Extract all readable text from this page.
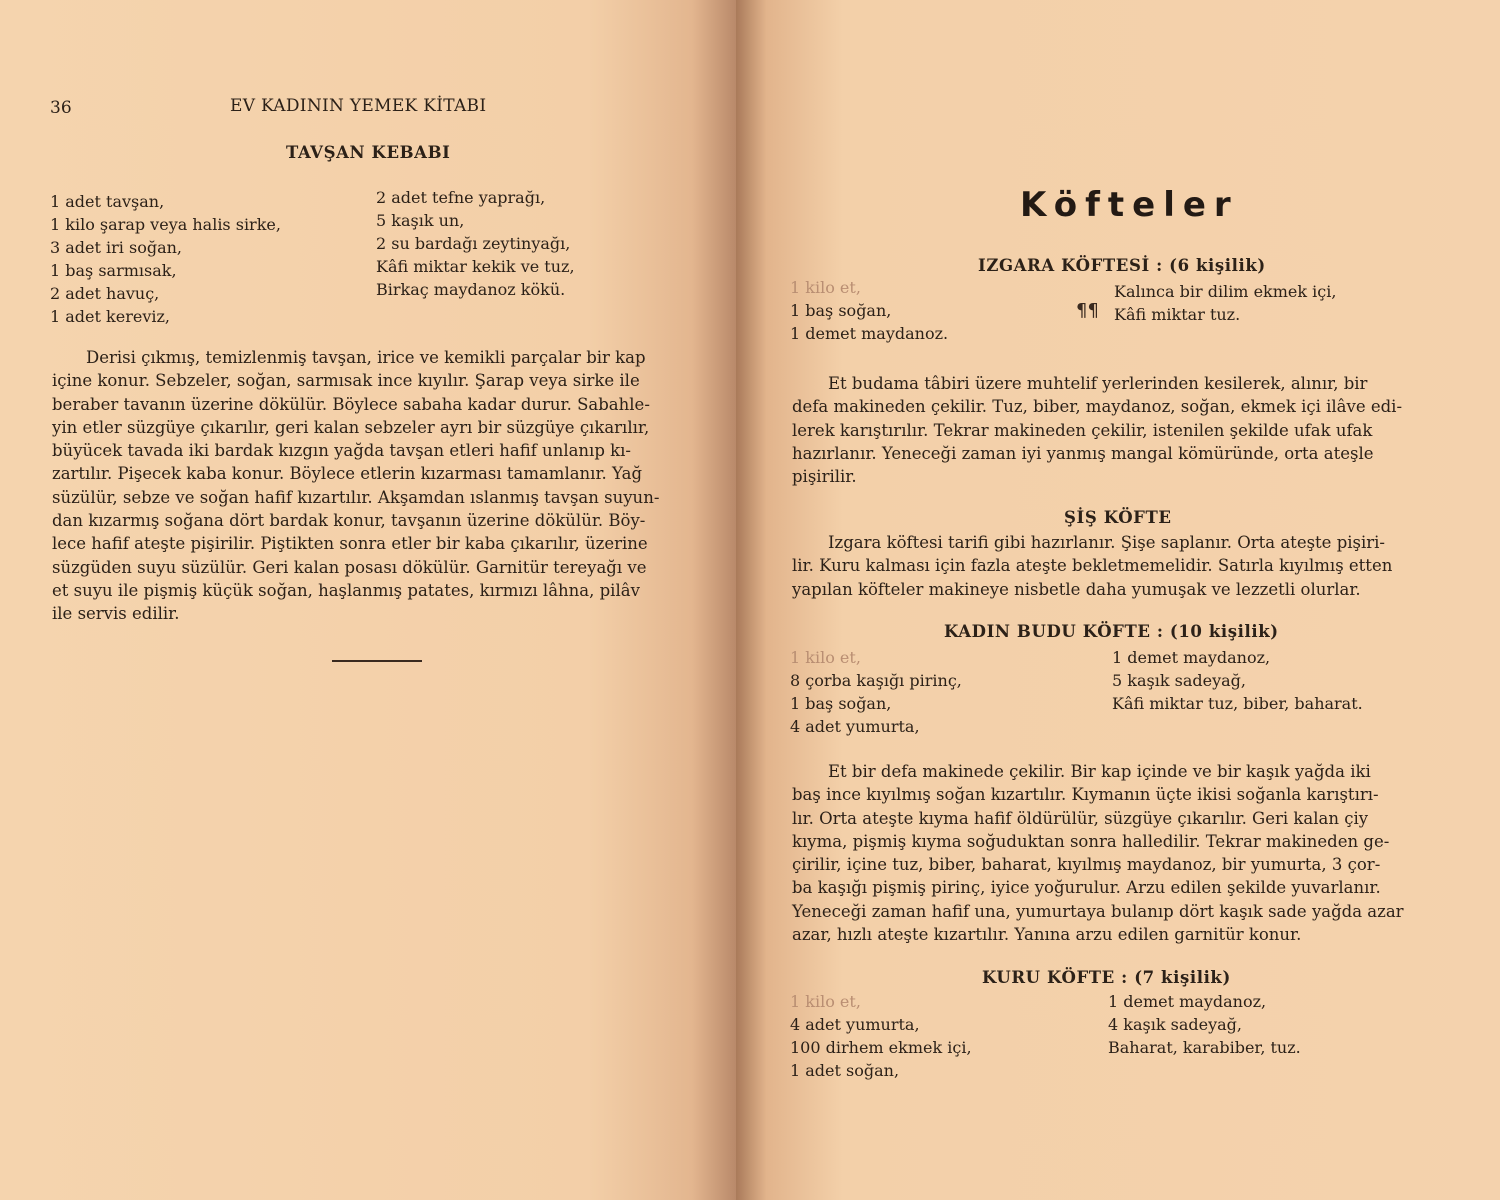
36	EV KADININ YEMEK KİTABI
TAVŞAN KEBABI
1 adet tavşan,
1 kilo şarap veya halis sirke,
3 adet iri soğan,
1 baş sarmısak,
2 adet havuç,
1 adet kereviz,
2 adet tefne yaprağı,
5 kaşık un,
2 su bardağı zeytinyağı,
Kâfi miktar kekik ve tuz,
Birkaç maydanoz kökü.
Derisi çıkmış, temizlenmiş tavşan, irice ve kemikli parçalar bir kap
içine konur. Sebzeler, soğan, sarmısak ince kıyılır. Şarap veya sirke ile
beraber tavanın üzerine dökülür. Böylece sabaha kadar durur. Sabahle-
yin etler süzgüye çıkarılır, geri kalan sebzeler ayrı bir süzgüye çıkarılır,
büyücek tavada iki bardak kızgın yağda tavşan etleri hafif unlanıp kı-
zartılır. Pişecek kaba konur. Böylece etlerin kızarması tamamlanır. Yağ
süzülür, sebze ve soğan hafif kızartılır. Akşamdan ıslanmış tavşan suyun-
dan kızarmış soğana dört bardak konur, tavşanın üzerine dökülür. Böy-
lece hafif ateşte pişirilir. Piştikten sonra etler bir kaba çıkarılır, üzerine
süzgüden suyu süzülür. Geri kalan posası dökülür. Garnitür tereyağı ve
et suyu ile pişmiş küçük soğan, haşlanmış patates, kırmızı lâhna, pilâv
ile servis edilir.
Köfteler
IZGARA KÖFTESİ : (6 kişilik)
1 kilo et,
1 baş soğan,
1 demet maydanoz.
¶¶
Kalınca bir dilim ekmek içi,
Kâfi miktar tuz.
Et budama tâbiri üzere muhtelif yerlerinden kesilerek, alınır, bir
defa makineden çekilir. Tuz, biber, maydanoz, soğan, ekmek içi ilâve edi-
lerek karıştırılır. Tekrar makineden çekilir, istenilen şekilde ufak ufak
hazırlanır. Yeneceği zaman iyi yanmış mangal kömüründe, orta ateşle
pişirilir.
ŞİŞ KÖFTE
Izgara köftesi tarifi gibi hazırlanır. Şişe saplanır. Orta ateşte pişiri-
lir. Kuru kalması için fazla ateşte bekletmemelidir. Satırla kıyılmış etten
yapılan köfteler makineye nisbetle daha yumuşak ve lezzetli olurlar.
KADIN BUDU KÖFTE : (10 kişilik)
1 kilo et,
8 çorba kaşığı pirinç,
1 baş soğan,
4 adet yumurta,
1 demet maydanoz,
5 kaşık sadeyağ,
Kâfi miktar tuz, biber, baharat.
Et bir defa makinede çekilir. Bir kap içinde ve bir kaşık yağda iki
baş ince kıyılmış soğan kızartılır. Kıymanın üçte ikisi soğanla karıştırı-
lır. Orta ateşte kıyma hafif öldürülür, süzgüye çıkarılır. Geri kalan çiy
kıyma, pişmiş kıyma soğuduktan sonra halledilir. Tekrar makineden ge-
çirilir, içine tuz, biber, baharat, kıyılmış maydanoz, bir yumurta, 3 çor-
ba kaşığı pişmiş pirinç, iyice yoğurulur. Arzu edilen şekilde yuvarlanır.
Yeneceği zaman hafif una, yumurtaya bulanıp dört kaşık sade yağda azar
azar, hızlı ateşte kızartılır. Yanına arzu edilen garnitür konur.
KURU KÖFTE : (7 kişilik)
1 kilo et,
4 adet yumurta,
100 dirhem ekmek içi,
1 adet soğan,
1 demet maydanoz,
4 kaşık sadeyağ,
Baharat, karabiber, tuz.
